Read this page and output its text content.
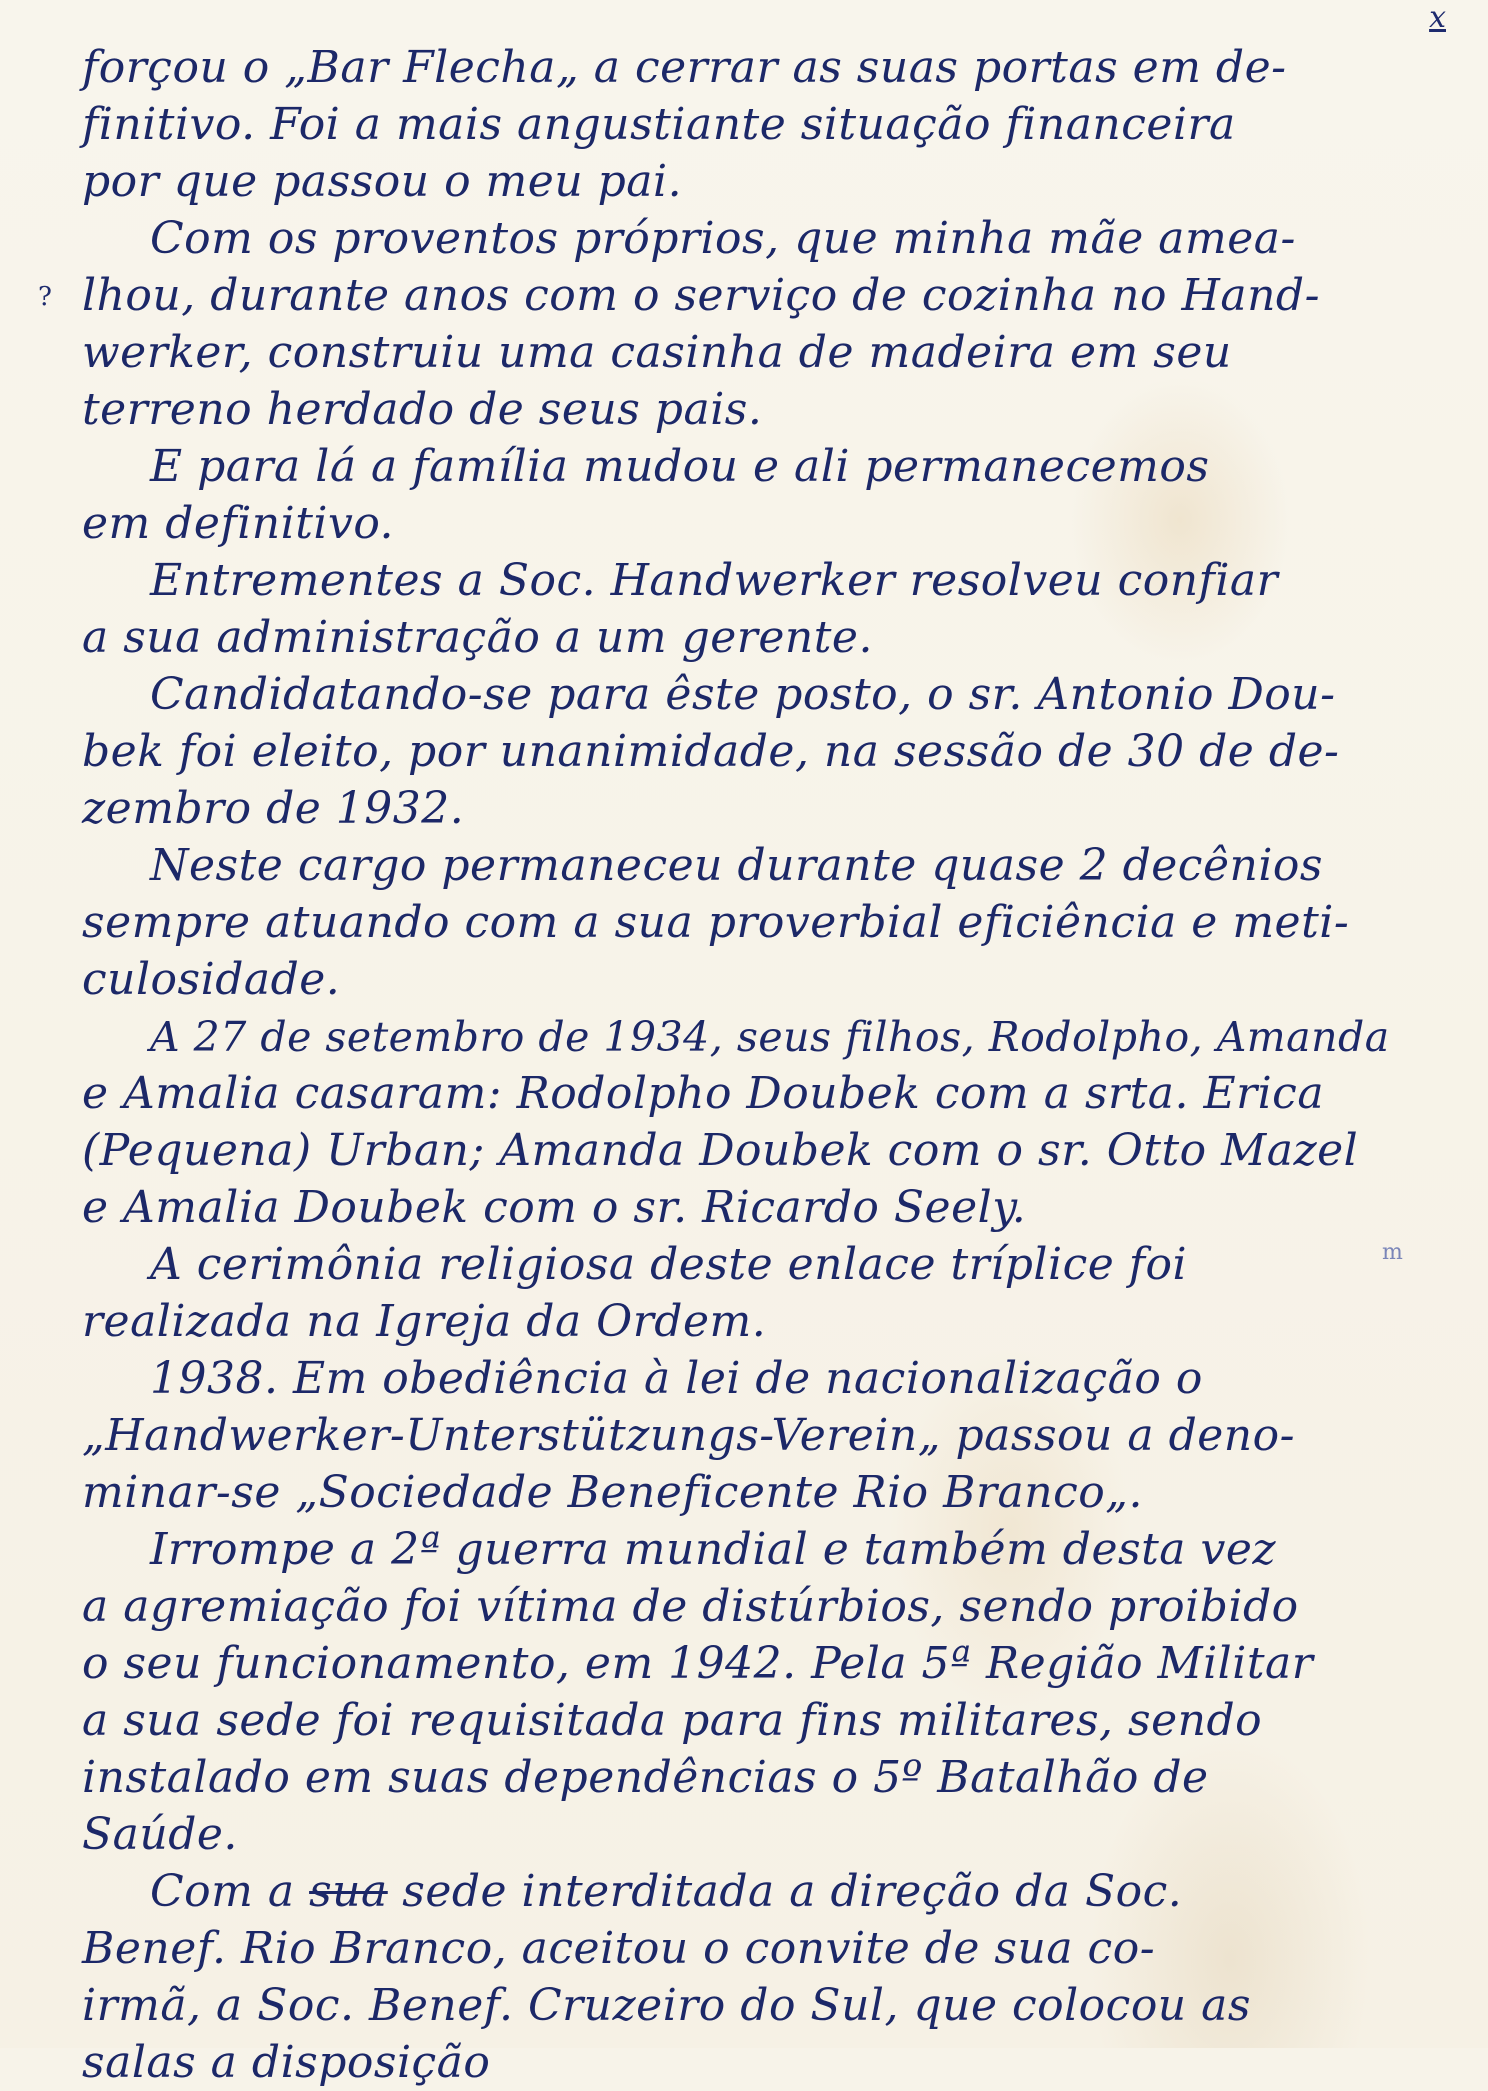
x
?
m
forçou o „Bar Flecha„ a cerrar as suas portas em de-
finitivo. Foi a mais angustiante situação financeira
por que passou o meu pai.
Com os proventos próprios, que minha mãe amea-
lhou, durante anos com o serviço de cozinha no Hand-
werker, construiu uma casinha de madeira em seu
terreno herdado de seus pais.
E para lá a família mudou e ali permanecemos
em definitivo.
Entrementes a Soc. Handwerker resolveu confiar
a sua administração a um gerente.
Candidatando-se para êste posto, o sr. Antonio Dou-
bek foi eleito, por unanimidade, na sessão de 30 de de-
zembro de 1932.
Neste cargo permaneceu durante quase 2 decênios
sempre atuando com a sua proverbial eficiência e meti-
culosidade.
A 27 de setembro de 1934, seus filhos, Rodolpho, Amanda
e Amalia casaram: Rodolpho Doubek com a srta. Erica
(Pequena) Urban; Amanda Doubek com o sr. Otto Mazel
e Amalia Doubek com o sr. Ricardo Seely.
A cerimônia religiosa deste enlace tríplice foi
realizada na Igreja da Ordem.
1938. Em obediência à lei de nacionalização o
„Handwerker-Unterstützungs-Verein„ passou a deno-
minar-se „Sociedade Beneficente Rio Branco„.
Irrompe a 2ª guerra mundial e também desta vez
a agremiação foi vítima de distúrbios, sendo proibido
o seu funcionamento, em 1942. Pela 5ª Região Militar
a sua sede foi requisitada para fins militares, sendo
instalado em suas dependências o 5º Batalhão de
Saúde.
Com a sua sede interditada a direção da Soc.
Benef. Rio Branco, aceitou o convite de sua co-
irmã, a Soc. Benef. Cruzeiro do Sul, que colocou as
salas a disposição
